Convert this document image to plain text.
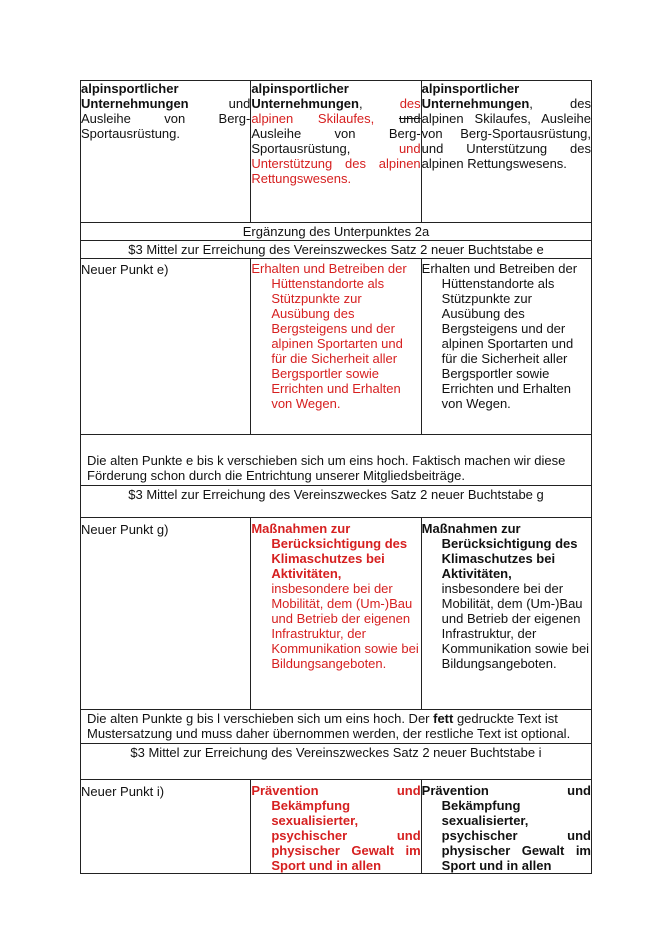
alpinsportlicher Unternehmungen und Ausleihe von Berg-Sportausrüstung.	alpinsportlicher Unternehmungen, des alpinen Skilaufes, und Ausleihe von Berg-Sportausrüstung, und Unterstützung des alpinen Rettungswesens.	alpinsportlicher Unternehmungen, des alpinen Skilaufes, Ausleihe von Berg-Sportausrüstung, und Unterstützung des alpinen Rettungswesens.
Ergänzung des Unterpunktes 2a		
$3 Mittel zur Erreichung des Vereinszweckes Satz 2 neuer Buchtstabe e		
Neuer Punkt e)	Erhalten und Betreiben der Hüttenstandorte als Stützpunkte zur Ausübung des Bergsteigens und der alpinen Sportarten und für die Sicherheit aller Bergsportler sowie Errichten und Erhalten von Wegen.	Erhalten und Betreiben der Hüttenstandorte als Stützpunkte zur Ausübung des Bergsteigens und der alpinen Sportarten und für die Sicherheit aller Bergsportler sowie Errichten und Erhalten von Wegen.

Die alten Punkte e bis k verschieben sich um eins hoch. Faktisch machen wir diese Förderung schon durch die Entrichtung unserer Mitgliedsbeiträge.		
$3 Mittel zur Erreichung des Vereinszweckes Satz 2 neuer Buchtstabe g		
Neuer Punkt g)	Maßnahmen zur Berücksichtigung des Klimaschutzes bei Aktivitäten, insbesondere bei der Mobilität, dem (Um-)Bau und Betrieb der eigenen Infrastruktur, der Kommunikation sowie bei Bildungsangeboten.	Maßnahmen zur Berücksichtigung des Klimaschutzes bei Aktivitäten, insbesondere bei der Mobilität, dem (Um-)Bau und Betrieb der eigenen Infrastruktur, der Kommunikation sowie bei Bildungsangeboten.

Die alten Punkte g bis l verschieben sich um eins hoch. Der fett gedruckte Text ist Mustersatzung und muss daher übernommen werden, der restliche Text ist optional.		
$3 Mittel zur Erreichung des Vereinszweckes Satz 2 neuer Buchtstabe i		
Neuer Punkt i)	Prävention und Bekämpfung sexualisierter, psychischer und physischer Gewalt im Sport und in allen	Prävention und Bekämpfung sexualisierter, psychischer und physischer Gewalt im Sport und in allen
